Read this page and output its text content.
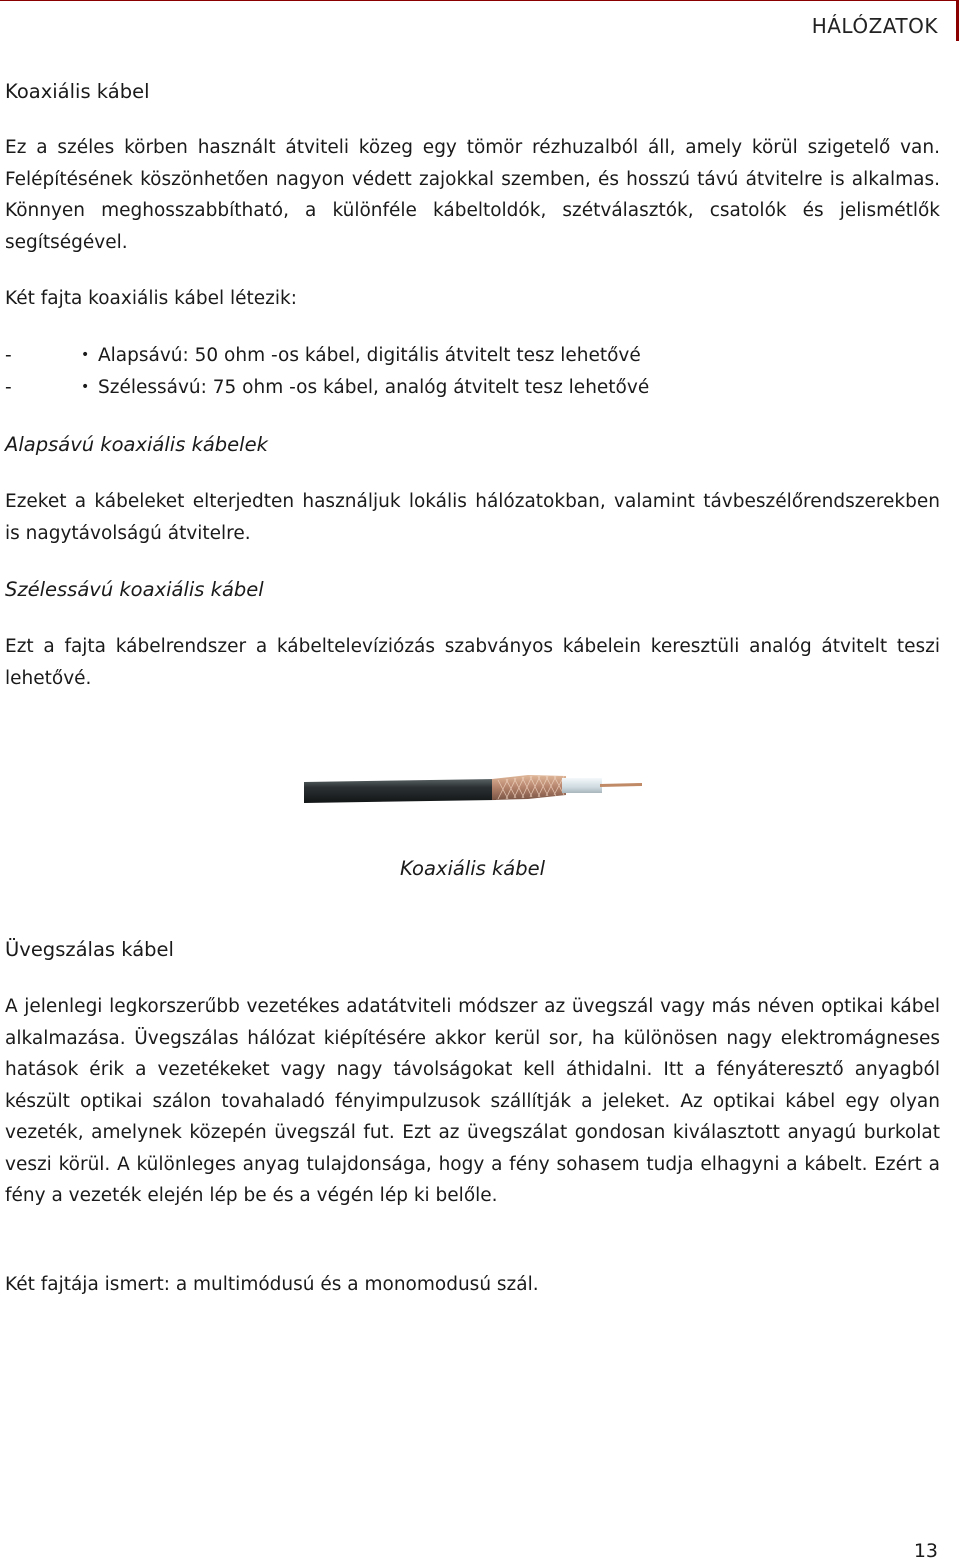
HÁLÓZATOK
Koaxiális kábel

Ez a széles körben használt átviteli közeg egy tömör rézhuzalból áll, amely körül szigetelő van. Felépítésének köszönhetően nagyon védett zajokkal szemben, és hosszú távú átvitelre is alkalmas. Könnyen meghosszabbítható, a különféle kábeltoldók, szétválasztók, csatolók és jelismétlők segítségével.

Két fajta koaxiális kábel létezik:
-	• Alapsávú: 50 ohm -os kábel, digitális átvitelt tesz lehetővé
-	• Szélessávú: 75 ohm -os kábel, analóg átvitelt tesz lehetővé
Alapsávú koaxiális kábelek

Ezeket a kábeleket elterjedten használjuk lokális hálózatokban, valamint távbeszélőrendszerekben is nagytávolságú átvitelre.

Szélessávú koaxiális kábel

Ezt a fajta kábelrendszer a kábeltelevíziózás szabványos kábelein keresztüli analóg átvitelt teszi lehetővé.

Koaxiális kábel
Üvegszálas kábel

A jelenlegi legkorszerűbb vezetékes adatátviteli módszer az üvegszál vagy más néven optikai kábel alkalmazása. Üvegszálas hálózat kiépítésére akkor kerül sor, ha különösen nagy elektromágneses hatások érik a vezetékeket vagy nagy távolságokat kell áthidalni. Itt a fényáteresztő anyagból készült optikai szálon tovahaladó fényimpulzusok szállítják a jeleket. Az optikai kábel egy olyan vezeték, amelynek közepén üvegszál fut. Ezt az üvegszálat gondosan kiválasztott anyagú burkolat veszi körül. A különleges anyag tulajdonsága, hogy a fény sohasem tudja elhagyni a kábelt. Ezért a fény a vezeték elején lép be és a végén lép ki belőle.

Két fajtája ismert: a multimódusú és a monomodusú szál.
13
